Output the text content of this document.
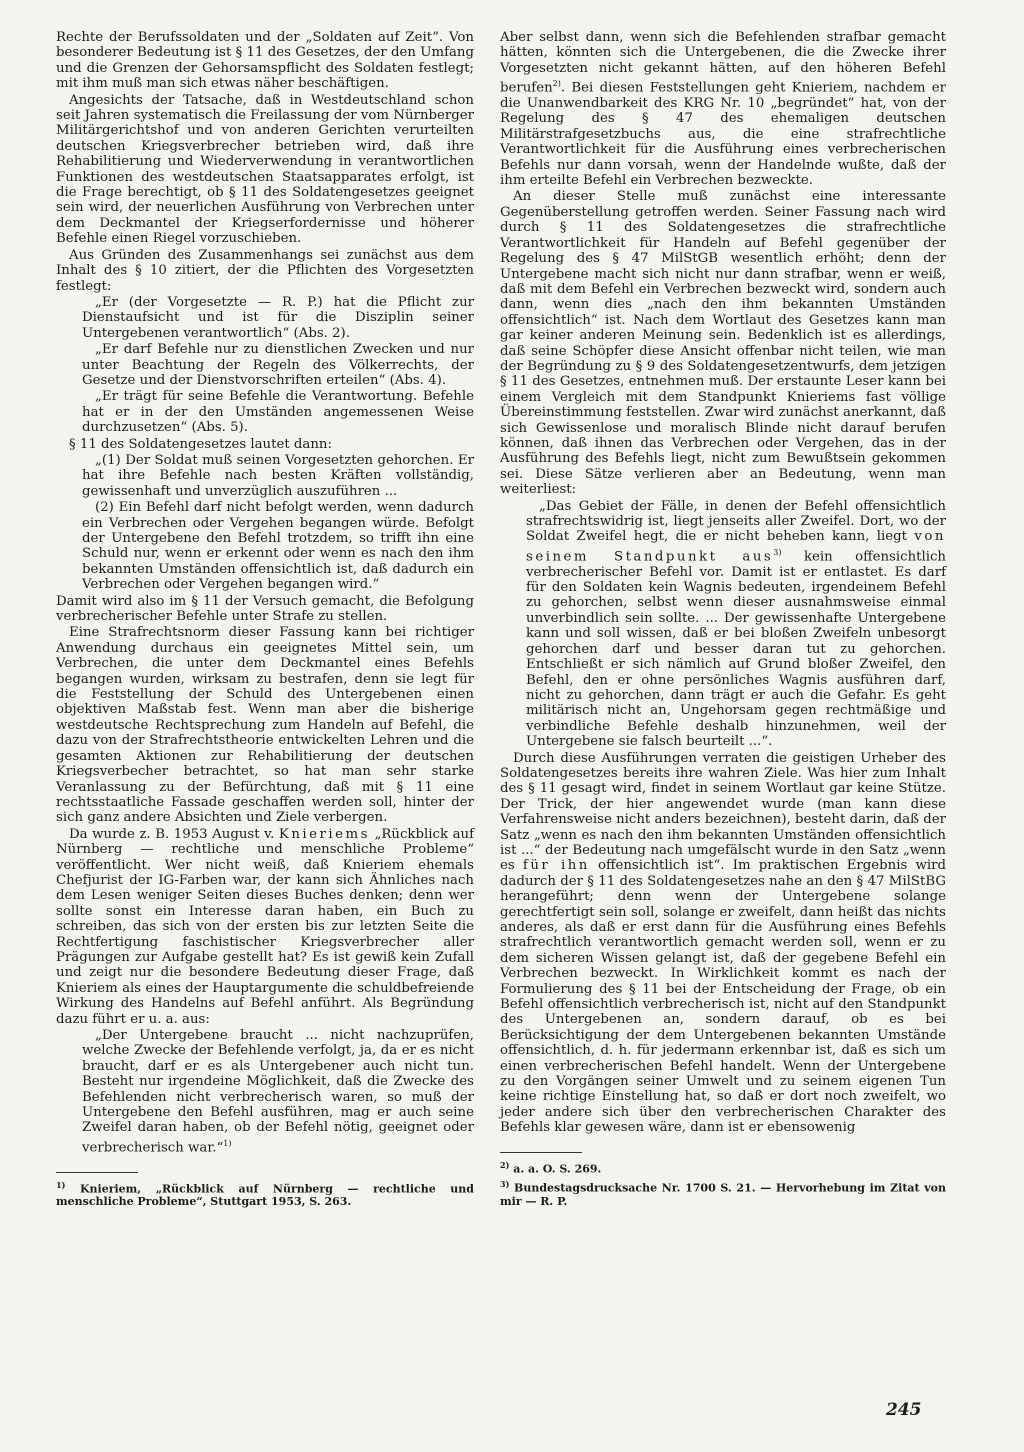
Rechte der Berufssoldaten und der „Soldaten auf Zeit“. Von besonderer Bedeutung ist § 11 des Gesetzes, der den Umfang und die Grenzen der Gehorsamspflicht des Soldaten festlegt; mit ihm muß man sich etwas näher beschäftigen.

Angesichts der Tatsache, daß in Westdeutschland schon seit Jahren systematisch die Freilassung der vom Nürnberger Militärgerichtshof und von anderen Gerichten verurteilten deutschen Kriegsverbrecher betrieben wird, daß ihre Rehabilitierung und Wiederverwendung in verantwortlichen Funktionen des westdeutschen Staatsapparates erfolgt, ist die Frage berechtigt, ob § 11 des Soldatengesetzes geeignet sein wird, der neuerlichen Ausführung von Verbrechen unter dem Deckmantel der Kriegserfordernisse und höherer Befehle einen Riegel vorzuschieben.

Aus Gründen des Zusammenhangs sei zunächst aus dem Inhalt des § 10 zitiert, der die Pflichten des Vorgesetzten festlegt:

„Er (der Vorgesetzte — R. P.) hat die Pflicht zur Dienstaufsicht und ist für die Disziplin seiner Untergebenen verantwortlich“ (Abs. 2).

„Er darf Befehle nur zu dienstlichen Zwecken und nur unter Beachtung der Regeln des Völkerrechts, der Gesetze und der Dienstvorschriften erteilen“ (Abs. 4).

„Er trägt für seine Befehle die Verantwortung. Befehle hat er in der den Umständen angemessenen Weise durchzusetzen“ (Abs. 5).

§ 11 des Soldatengesetzes lautet dann:

„(1) Der Soldat muß seinen Vorgesetzten gehorchen. Er hat ihre Befehle nach besten Kräften vollständig, gewissenhaft und unverzüglich auszuführen ...

(2) Ein Befehl darf nicht befolgt werden, wenn dadurch ein Verbrechen oder Vergehen begangen würde. Befolgt der Untergebene den Befehl trotzdem, so trifft ihn eine Schuld nur, wenn er erkennt oder wenn es nach den ihm bekannten Umständen offensichtlich ist, daß dadurch ein Verbrechen oder Vergehen begangen wird.“

Damit wird also im § 11 der Versuch gemacht, die Befolgung verbrecherischer Befehle unter Strafe zu stellen.

Eine Strafrechtsnorm dieser Fassung kann bei richtiger Anwendung durchaus ein geeignetes Mittel sein, um Verbrechen, die unter dem Deckmantel eines Befehls begangen wurden, wirksam zu bestrafen, denn sie legt für die Feststellung der Schuld des Untergebenen einen objektiven Maßstab fest. Wenn man aber die bisherige westdeutsche Rechtsprechung zum Handeln auf Befehl, die dazu von der Strafrechtstheorie entwickelten Lehren und die gesamten Aktionen zur Rehabilitierung der deutschen Kriegsverbecher betrachtet, so hat man sehr starke Veranlassung zu der Befürchtung, daß mit § 11 eine rechtsstaatliche Fassade geschaffen werden soll, hinter der sich ganz andere Absichten und Ziele verbergen.

Da wurde z. B. 1953 August v. Knieriems „Rückblick auf Nürnberg — rechtliche und menschliche Probleme“ veröffentlicht. Wer nicht weiß, daß Knieriem ehemals Chefjurist der IG-Farben war, der kann sich Ähnliches nach dem Lesen weniger Seiten dieses Buches denken; denn wer sollte sonst ein Interesse daran haben, ein Buch zu schreiben, das sich von der ersten bis zur letzten Seite die Rechtfertigung faschistischer Kriegsverbrecher aller Prägungen zur Aufgabe gestellt hat? Es ist gewiß kein Zufall und zeigt nur die besondere Bedeutung dieser Frage, daß Knieriem als eines der Hauptargumente die schuldbefreiende Wirkung des Handelns auf Befehl anführt. Als Begründung dazu führt er u. a. aus:

„Der Untergebene braucht ... nicht nachzuprüfen, welche Zwecke der Befehlende verfolgt, ja, da er es nicht braucht, darf er es als Untergebener auch nicht tun. Besteht nur irgendeine Möglichkeit, daß die Zwecke des Befehlenden nicht verbrecherisch waren, so muß der Untergebene den Befehl ausführen, mag er auch seine Zweifel daran haben, ob der Befehl nötig, geeignet oder verbrecherisch war.“$^{1)}$

$^{1)}$ Knieriem, „Rückblick auf Nürnberg — rechtliche und menschliche Probleme“, Stuttgart 1953, S. 263.

Aber selbst dann, wenn sich die Befehlenden strafbar gemacht hätten, könnten sich die Untergebenen, die die Zwecke ihrer Vorgesetzten nicht gekannt hätten, auf den höheren Befehl berufen$^{2)}$. Bei diesen Feststellungen geht Knieriem, nachdem er die Unanwendbarkeit des KRG Nr. 10 „begründet“ hat, von der Regelung des § 47 des ehemaligen deutschen Militärstrafgesetzbuchs aus, die eine strafrechtliche Verantwortlichkeit für die Ausführung eines verbrecherischen Befehls nur dann vorsah, wenn der Handelnde wußte, daß der ihm erteilte Befehl ein Verbrechen bezweckte.

An dieser Stelle muß zunächst eine interessante Gegenüberstellung getroffen werden. Seiner Fassung nach wird durch § 11 des Soldatengesetzes die strafrechtliche Verantwortlichkeit für Handeln auf Befehl gegenüber der Regelung des § 47 MilStGB wesentlich erhöht; denn der Untergebene macht sich nicht nur dann strafbar, wenn er weiß, daß mit dem Befehl ein Verbrechen bezweckt wird, sondern auch dann, wenn dies „nach den ihm bekannten Umständen offensichtlich“ ist. Nach dem Wortlaut des Gesetzes kann man gar keiner anderen Meinung sein. Bedenklich ist es allerdings, daß seine Schöpfer diese Ansicht offenbar nicht teilen, wie man der Begründung zu § 9 des Soldatengesetzentwurfs, dem jetzigen § 11 des Gesetzes, entnehmen muß. Der erstaunte Leser kann bei einem Vergleich mit dem Standpunkt Knieriems fast völlige Übereinstimmung feststellen. Zwar wird zunächst anerkannt, daß sich Gewissenlose und moralisch Blinde nicht darauf berufen können, daß ihnen das Verbrechen oder Vergehen, das in der Ausführung des Befehls liegt, nicht zum Bewußtsein gekommen sei. Diese Sätze verlieren aber an Bedeutung, wenn man weiterliest:

„Das Gebiet der Fälle, in denen der Befehl offensichtlich strafrechtswidrig ist, liegt jenseits aller Zweifel. Dort, wo der Soldat Zweifel hegt, die er nicht beheben kann, liegt von seinem Standpunkt aus$^{3)}$ kein offensichtlich verbrecherischer Befehl vor. Damit ist er entlastet. Es darf für den Soldaten kein Wagnis bedeuten, irgendeinem Befehl zu gehorchen, selbst wenn dieser ausnahmsweise einmal unverbindlich sein sollte. ... Der gewissenhafte Untergebene kann und soll wissen, daß er bei bloßen Zweifeln unbesorgt gehorchen darf und besser daran tut zu gehorchen. Entschließt er sich nämlich auf Grund bloßer Zweifel, den Befehl, den er ohne persönliches Wagnis ausführen darf, nicht zu gehorchen, dann trägt er auch die Gefahr. Es geht militärisch nicht an, Ungehorsam gegen rechtmäßige und verbindliche Befehle deshalb hinzunehmen, weil der Untergebene sie falsch beurteilt ...“.

Durch diese Ausführungen verraten die geistigen Urheber des Soldatengesetzes bereits ihre wahren Ziele. Was hier zum Inhalt des § 11 gesagt wird, findet in seinem Wortlaut gar keine Stütze. Der Trick, der hier angewendet wurde (man kann diese Verfahrensweise nicht anders bezeichnen), besteht darin, daß der Satz „wenn es nach den ihm bekannten Umständen offensichtlich ist ...“ der Bedeutung nach umgefälscht wurde in den Satz „wenn es für ihn offensichtlich ist“. Im praktischen Ergebnis wird dadurch der § 11 des Soldatengesetzes nahe an den § 47 MilStBG herangeführt; denn wenn der Untergebene solange gerechtfertigt sein soll, solange er zweifelt, dann heißt das nichts anderes, als daß er erst dann für die Ausführung eines Befehls strafrechtlich verantwortlich gemacht werden soll, wenn er zu dem sicheren Wissen gelangt ist, daß der gegebene Befehl ein Verbrechen bezweckt. In Wirklichkeit kommt es nach der Formulierung des § 11 bei der Entscheidung der Frage, ob ein Befehl offensichtlich verbrecherisch ist, nicht auf den Standpunkt des Untergebenen an, sondern darauf, ob es bei Berücksichtigung der dem Untergebenen bekannten Umstände offensichtlich, d. h. für jedermann erkennbar ist, daß es sich um einen verbrecherischen Befehl handelt. Wenn der Untergebene zu den Vorgängen seiner Umwelt und zu seinem eigenen Tun keine richtige Einstellung hat, so daß er dort noch zweifelt, wo jeder andere sich über den verbrecherischen Charakter des Befehls klar gewesen wäre, dann ist er ebensowenig

$^{2)}$ a. a. O. S. 269.

$^{3)}$ Bundestagsdrucksache Nr. 1700 S. 21. — Hervorhebung im Zitat von mir — R. P.

245
